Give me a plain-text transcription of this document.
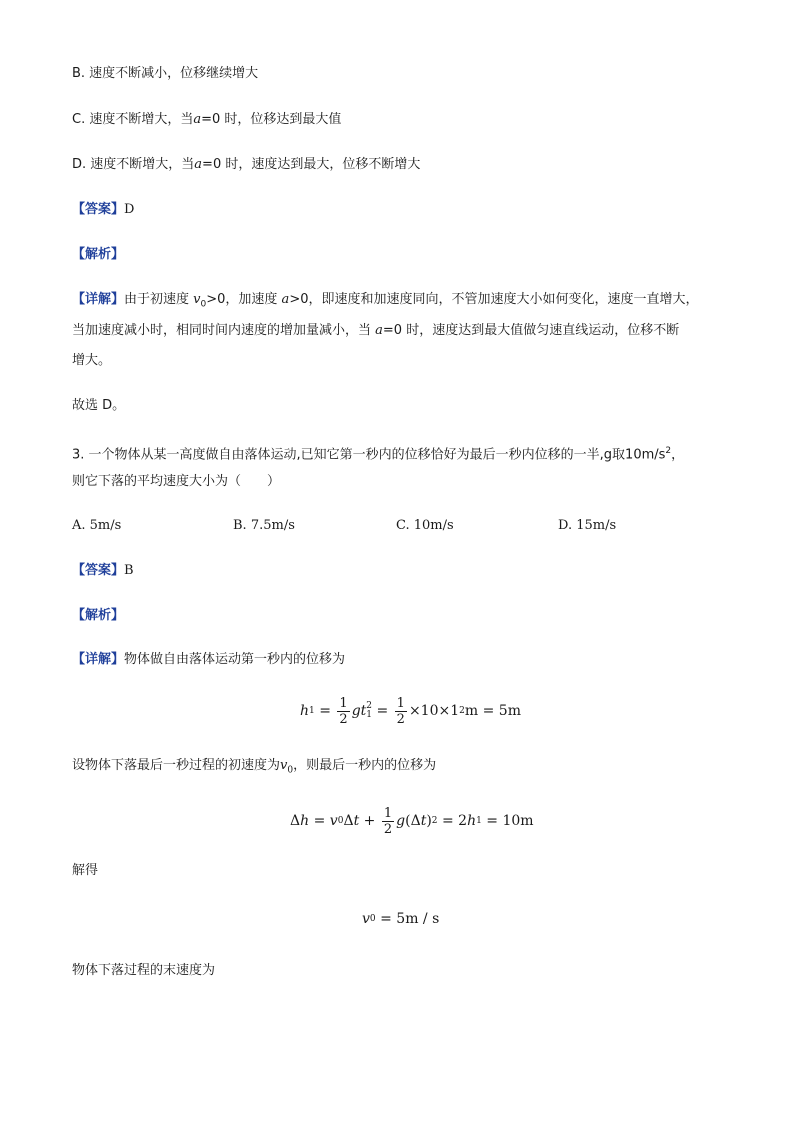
B. 速度不断减小，位移继续增大
C. 速度不断增大，当a=0 时，位移达到最大值
D. 速度不断增大，当a=0 时，速度达到最大，位移不断增大
【答案】D
【解析】
【详解】由于初速度 $v_0>0$，加速度 a>0，即速度和加速度同向，不管加速度大小如何变化，速度一直增大，
当加速度减小时，相同时间内速度的增加量减小，当 a=0 时，速度达到最大值做匀速直线运动，位移不断
增大。
故选 D。
3. 一个物体从某一高度做自由落体运动,已知它第一秒内的位移恰好为最后一秒内位移的一半,g取$10m/s^2$，
则它下落的平均速度大小为（　　）
A. 5m/s	B. 7.5m/s	C. 10m/s	D. 15m/s
【答案】B
【解析】
【详解】物体做自由落体运动第一秒内的位移为
h $1 = \frac{1}{2}$ g t 2
$1 = \frac{1}{2} \times 10\times 1$ 2 m = 5m
设物体下落最后一秒过程的初速度为$v_0$，则最后一秒内的位移为
Δ h = v 0 Δ $t + \frac{1}{2}$ g (Δ t ) 2 = 2 h 1 = 10m
解得
v 0 = 5m / s
物体下落过程的末速度为
